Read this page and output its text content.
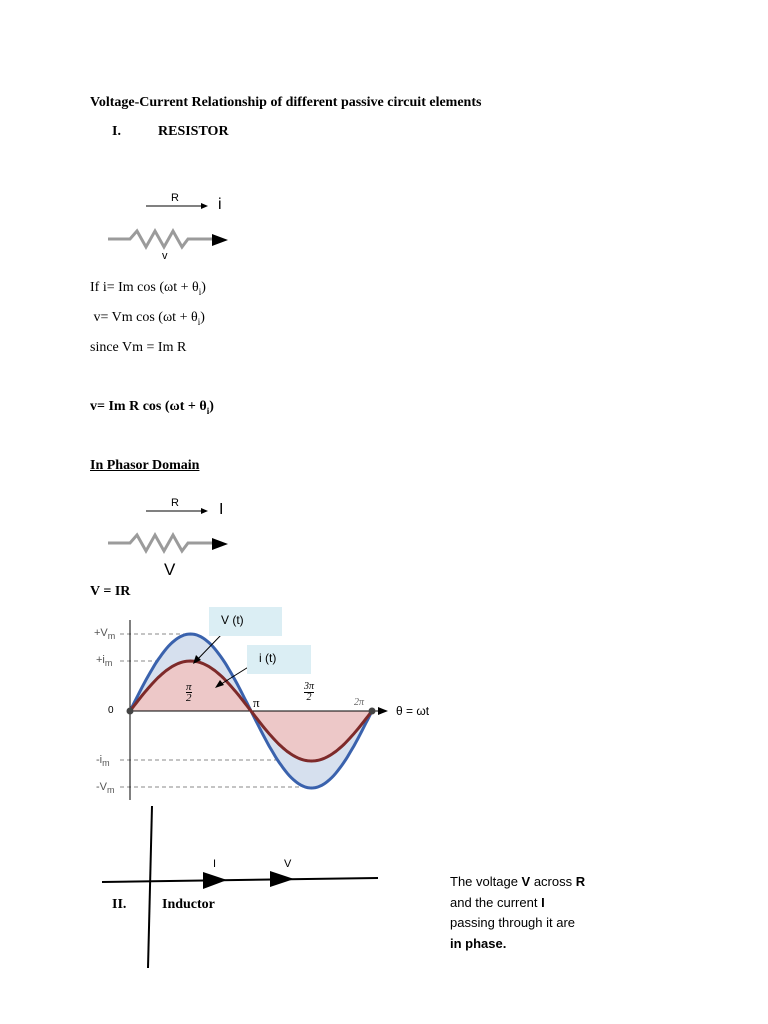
Voltage-Current Relationship of different passive circuit elements
I.	RESISTOR
R i
v
If i= Im $\cos (\omega t + \theta_i)$
v= Vm $\cos (\omega t + \theta_i)$
since Vm = Im R
v= Im R $\cos (\omega t + \theta_i)$
In Phasor Domain
R	I
V
V = IR
V (t)
i (t)
$+V_m$
$+i_m$
0
$-i_m$
$-V_m$
π
2	π
3π
2	2π
θ = ωt
I	V
II.	Inductor
The voltage V across R
and the current I
passing through it are
in phase.
